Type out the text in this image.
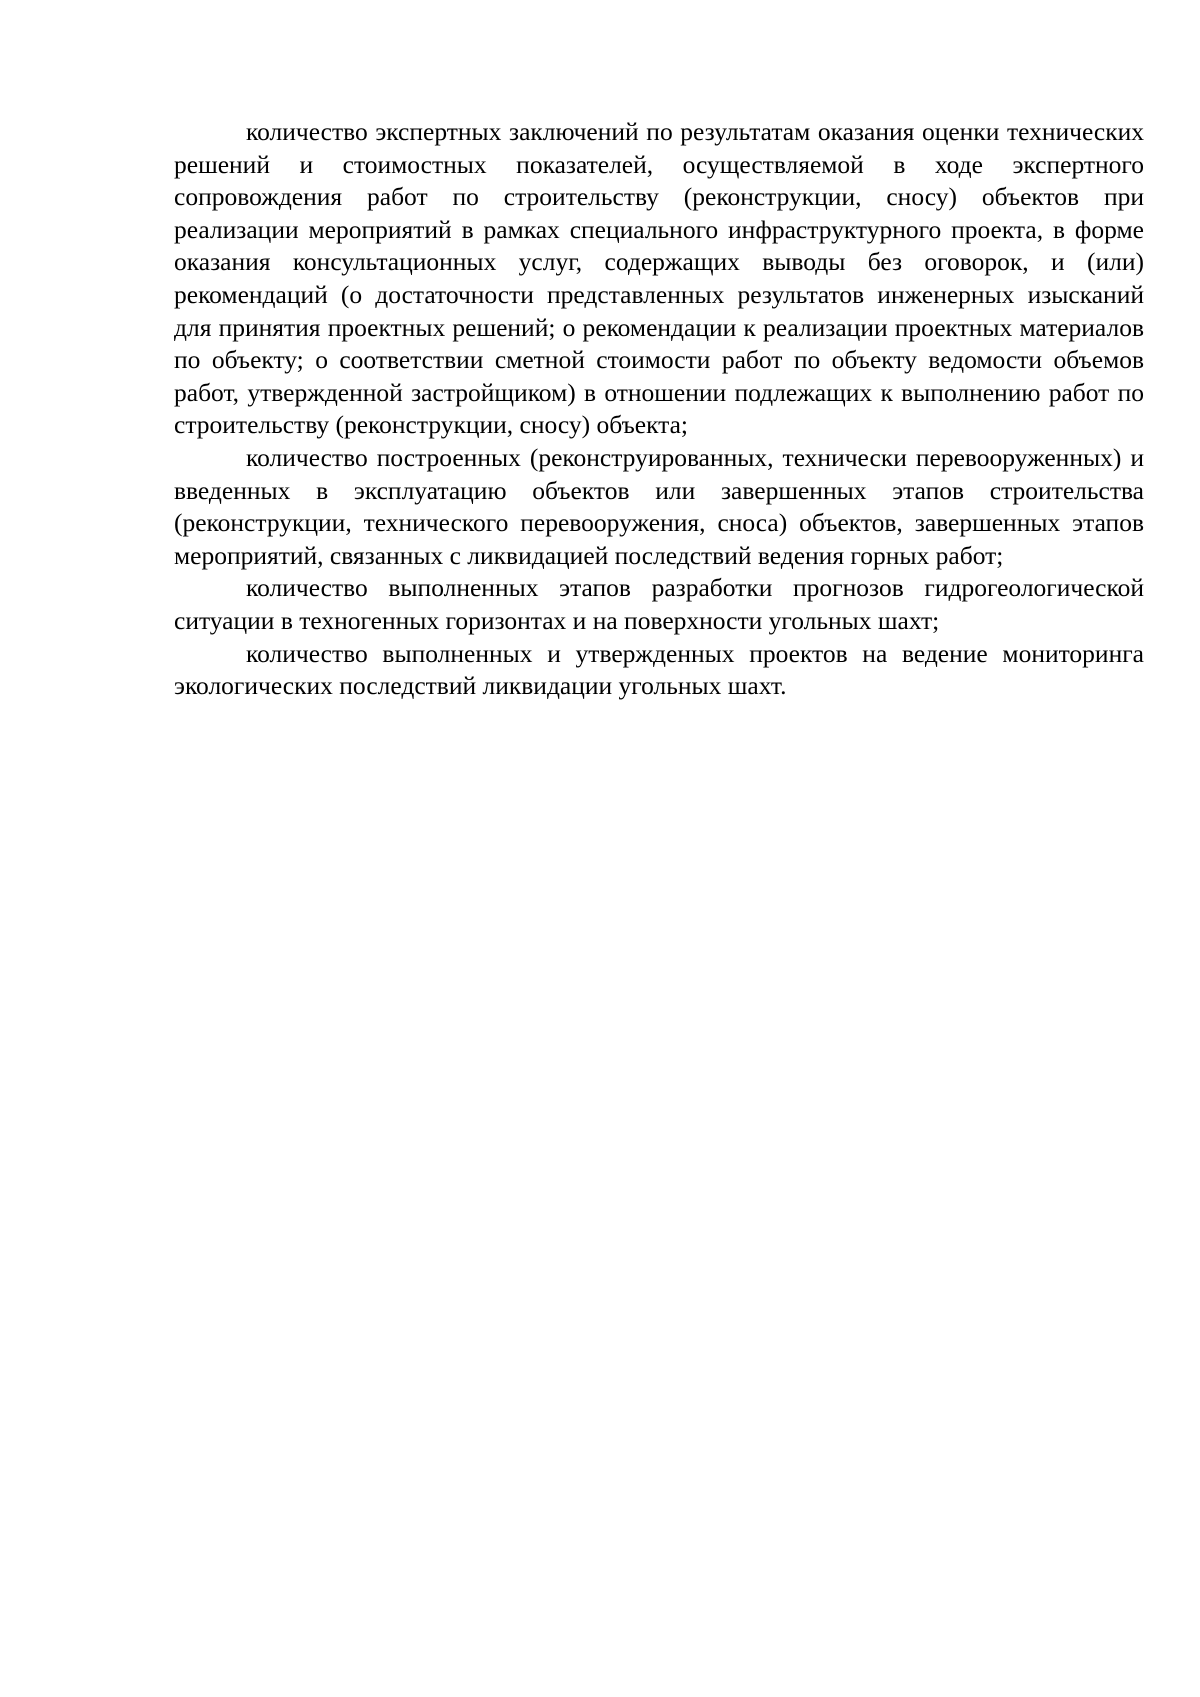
количество экспертных заключений по результатам оказания оценки технических решений и стоимостных показателей, осуществляемой в ходе экспертного сопровождения работ по строительству (реконструкции, сносу) объектов при реализации мероприятий в рамках специального инфраструктурного проекта, в форме оказания консультационных услуг, содержащих выводы без оговорок, и (или) рекомендаций (о достаточности представленных результатов инженерных изысканий для принятия проектных решений; о рекомендации к реализации проектных материалов по объекту; о соответствии сметной стоимости работ по объекту ведомости объемов работ, утвержденной застройщиком) в отношении подлежащих к выполнению работ по строительству (реконструкции, сносу) объекта;

количество построенных (реконструированных, технически перевооруженных) и введенных в эксплуатацию объектов или завершенных этапов строительства (реконструкции, технического перевооружения, сноса) объектов, завершенных этапов мероприятий, связанных с ликвидацией последствий ведения горных работ;

количество выполненных этапов разработки прогнозов гидрогеологической ситуации в техногенных горизонтах и на поверхности угольных шахт;

количество выполненных и утвержденных проектов на ведение мониторинга экологических последствий ликвидации угольных шахт.
